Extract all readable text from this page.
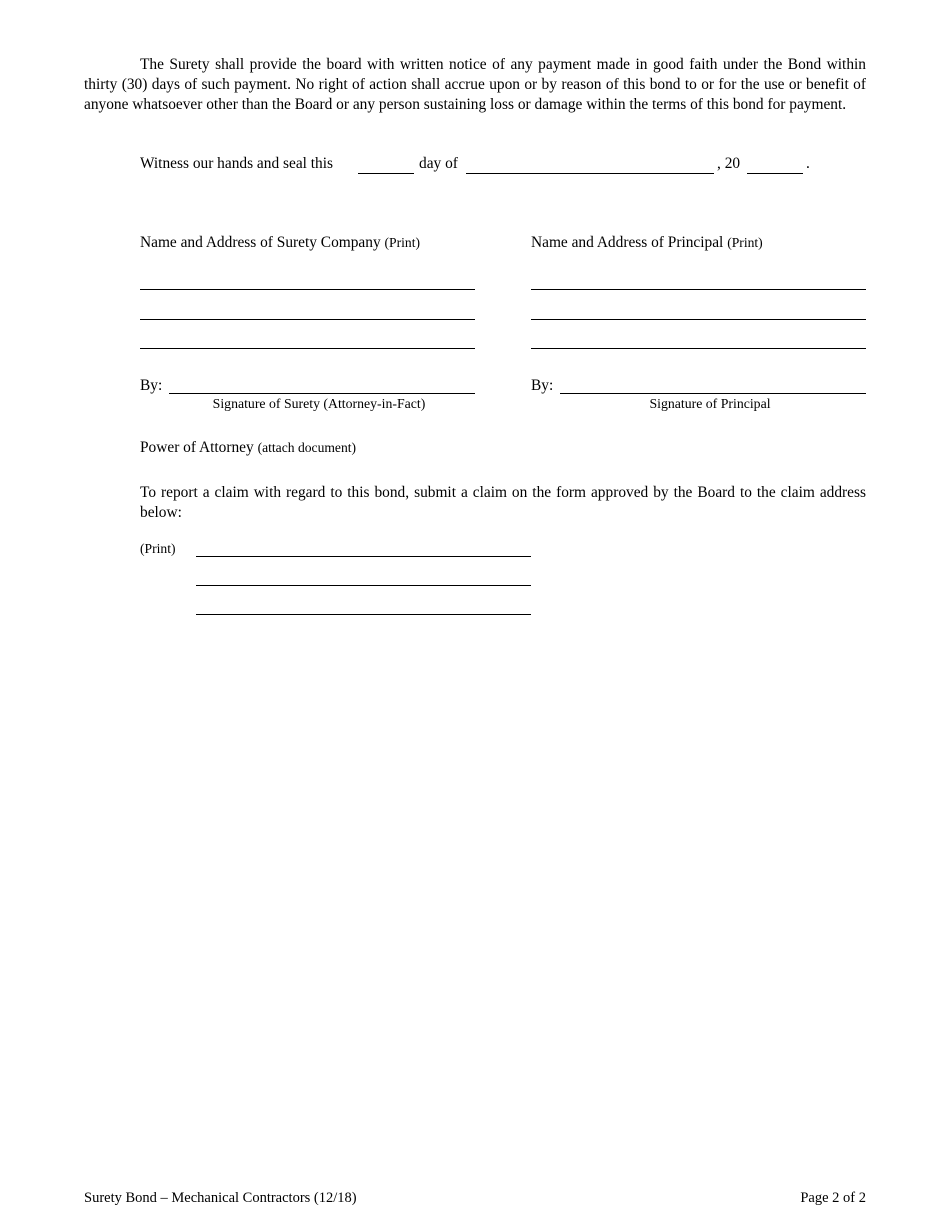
The Surety shall provide the board with written notice of any payment made in good faith under the Bond within thirty (30) days of such payment. No right of action shall accrue upon or by reason of this bond to or for the use or benefit of anyone whatsoever other than the Board or any person sustaining loss or damage within the terms of this bond for payment.
Witness our hands and seal this	day of	, 20	.
Name and Address of Surety Company (Print)
By:
Signature of Surety (Attorney-in-Fact)
Name and Address of Principal (Print)
By:
Signature of Principal
Power of Attorney (attach document)
To report a claim with regard to this bond, submit a claim on the form approved by the Board to the claim address below:
(Print)
Surety Bond – Mechanical Contractors (12/18)	Page 2 of 2
